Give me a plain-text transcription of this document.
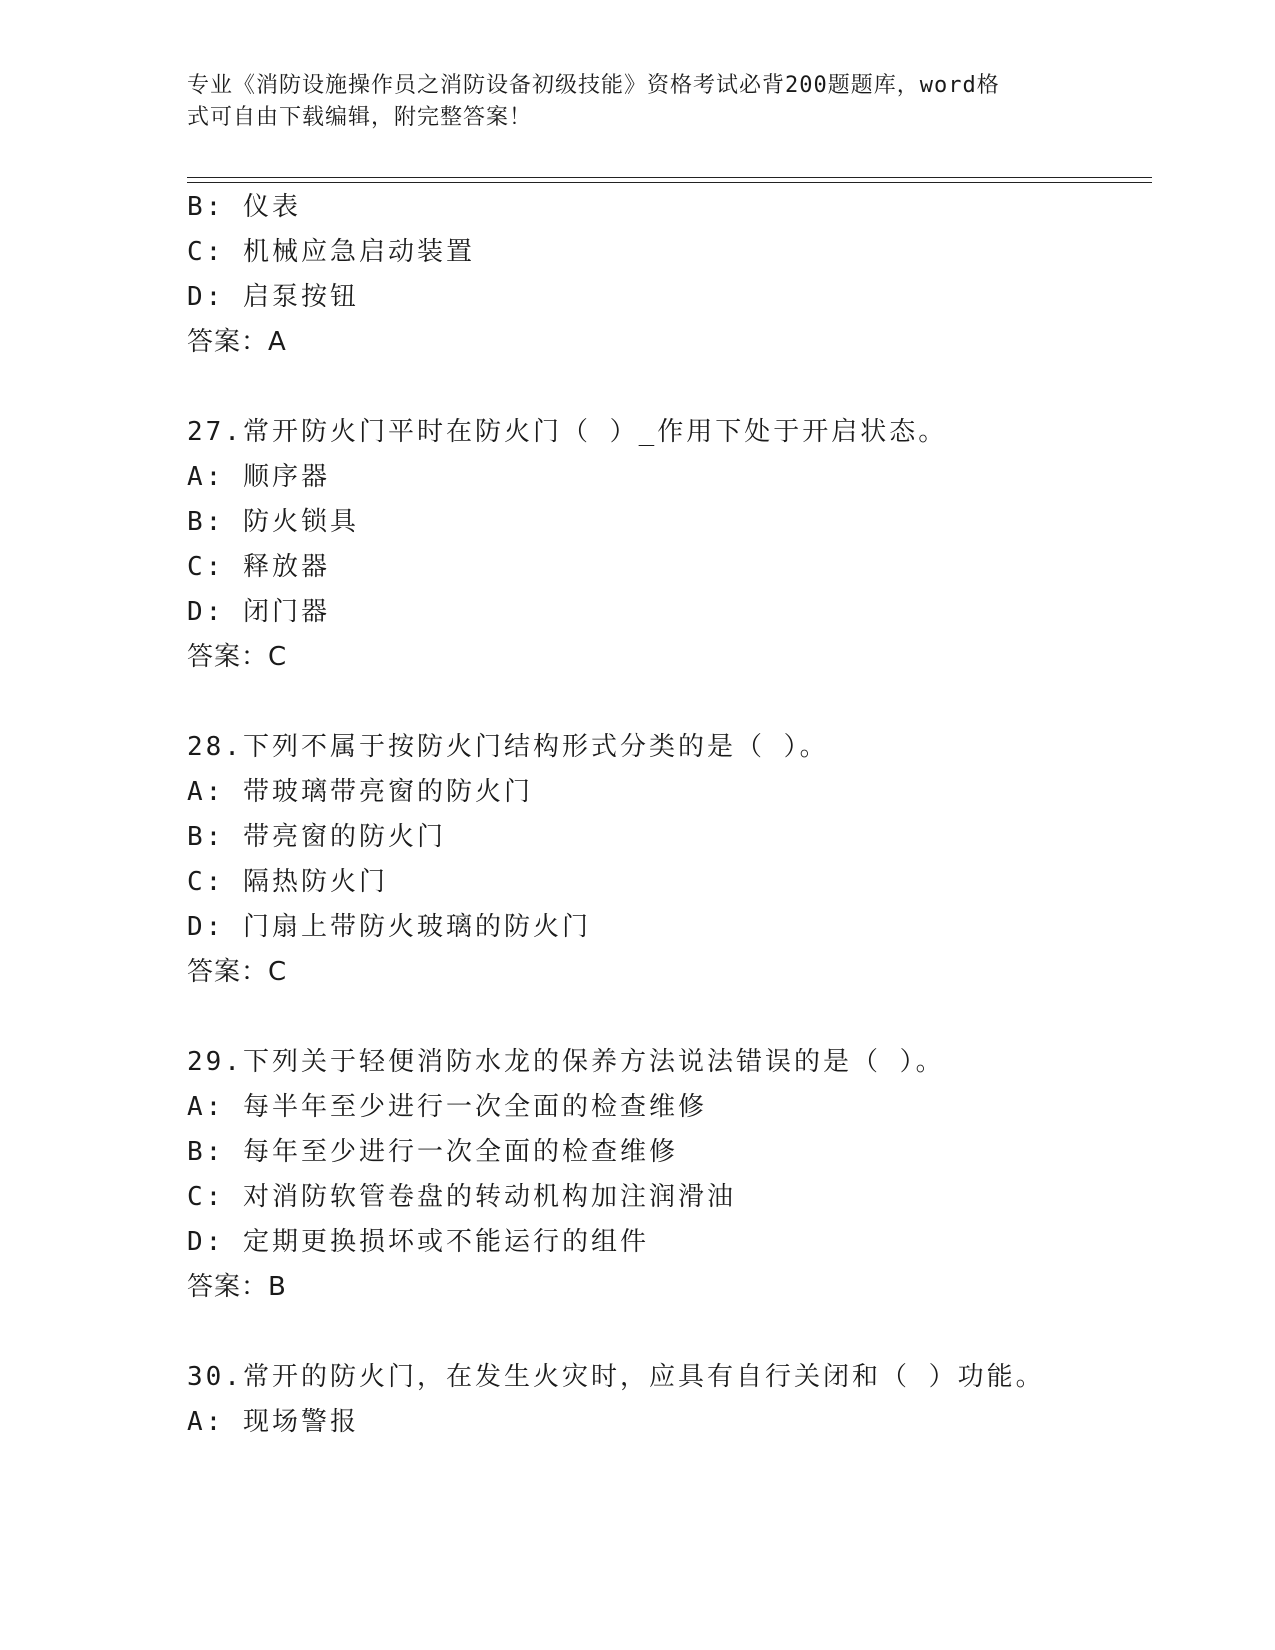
专业《消防设施操作员之消防设备初级技能》资格考试必背200题题库，word格
式可自由下载编辑，附完整答案！
B: 仪表
C: 机械应急启动装置
D: 启泵按钮
答案：A
27.常开防火门平时在防火门（ ）_作用下处于开启状态。
A: 顺序器
B: 防火锁具
C: 释放器
D: 闭门器
答案：C
28.下列不属于按防火门结构形式分类的是（ ）。
A: 带玻璃带亮窗的防火门
B: 带亮窗的防火门
C: 隔热防火门
D: 门扇上带防火玻璃的防火门
答案：C
29.下列关于轻便消防水龙的保养方法说法错误的是（ ）。
A: 每半年至少进行一次全面的检查维修
B: 每年至少进行一次全面的检查维修
C: 对消防软管卷盘的转动机构加注润滑油
D: 定期更换损坏或不能运行的组件
答案：B
30.常开的防火门，在发生火灾时，应具有自行关闭和（ ）功能。
A: 现场警报
